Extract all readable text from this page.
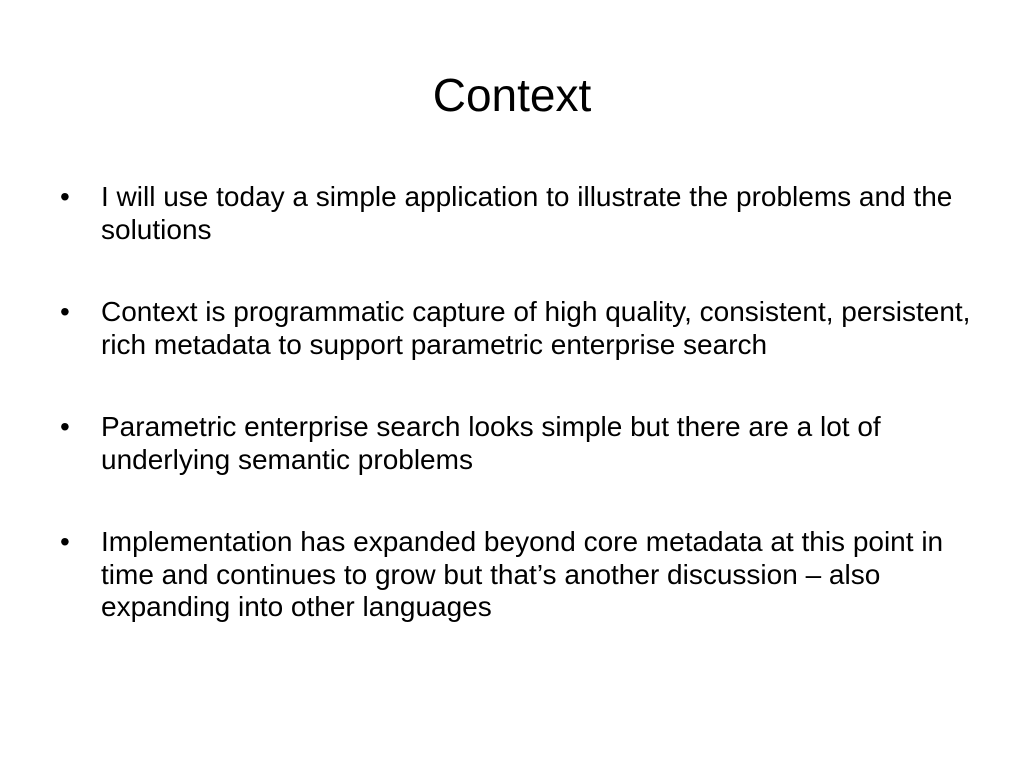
Context
• I will use today a simple application to illustrate the problems and the solutions
• Context is programmatic capture of high quality, consistent, persistent, rich metadata to support parametric enterprise search
• Parametric enterprise search looks simple but there are a lot of underlying semantic problems
• Implementation has expanded beyond core metadata at this point in time and continues to grow but that’s another discussion – also expanding into other languages
